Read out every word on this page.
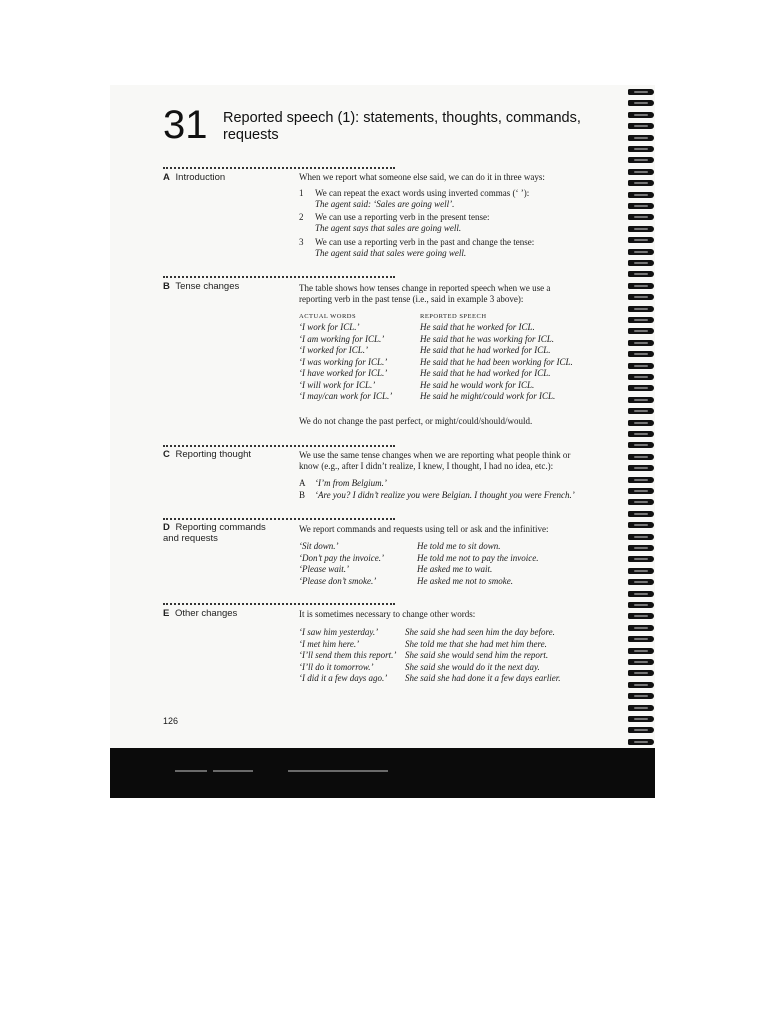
31 Reported speech (1): statements, thoughts, commands, requests
A Introduction	When we report what someone else said, we can do it in three ways:
1 We can repeat the exact words using inverted commas (‘ ’):
The agent said: ‘Sales are going well’.
2 We can use a reporting verb in the present tense:
The agent says that sales are going well.
3 We can use a reporting verb in the past and change the tense:
The agent said that sales were going well.
B Tense changes	The table shows how tenses change in reported speech when we use a
reporting verb in the past tense (i.e., said in example 3 above):
ACTUAL WORDS	REPORTED SPEECH
‘I work for ICL.’	He said that he worked for ICL.
‘I am working for ICL.’	He said that he was working for ICL.
‘I worked for ICL.’	He said that he had worked for ICL.
‘I was working for ICL.’	He said that he had been working for ICL.
‘I have worked for ICL.’	He said that he had worked for ICL.
‘I will work for ICL.’	He said he would work for ICL.
‘I may/can work for ICL.’	He said he might/could work for ICL.
We do not change the past perfect, or might/could/should/would.
C Reporting thought	We use the same tense changes when we are reporting what people think or
know (e.g., after I didn’t realize, I knew, I thought, I had no idea, etc.):
A ‘I’m from Belgium.’
B ‘Are you? I didn’t realize you were Belgian. I thought you were French.’
D Reporting commands
and requests
We report commands and requests using tell or ask and the infinitive:
‘Sit down.’	He told me to sit down.
‘Don’t pay the invoice.’	He told me not to pay the invoice.
‘Please wait.’	He asked me to wait.
‘Please don’t smoke.’	He asked me not to smoke.
E Other changes	It is sometimes necessary to change other words:
‘I saw him yesterday.’	She said she had seen him the day before.
‘I met him here.’	She told me that she had met him there.
‘I’ll send them this report.’ She said she would send him the report.
‘I’ll do it tomorrow.’	She said she would do it the next day.
‘I did it a few days ago.’ She said she had done it a few days earlier.
126
